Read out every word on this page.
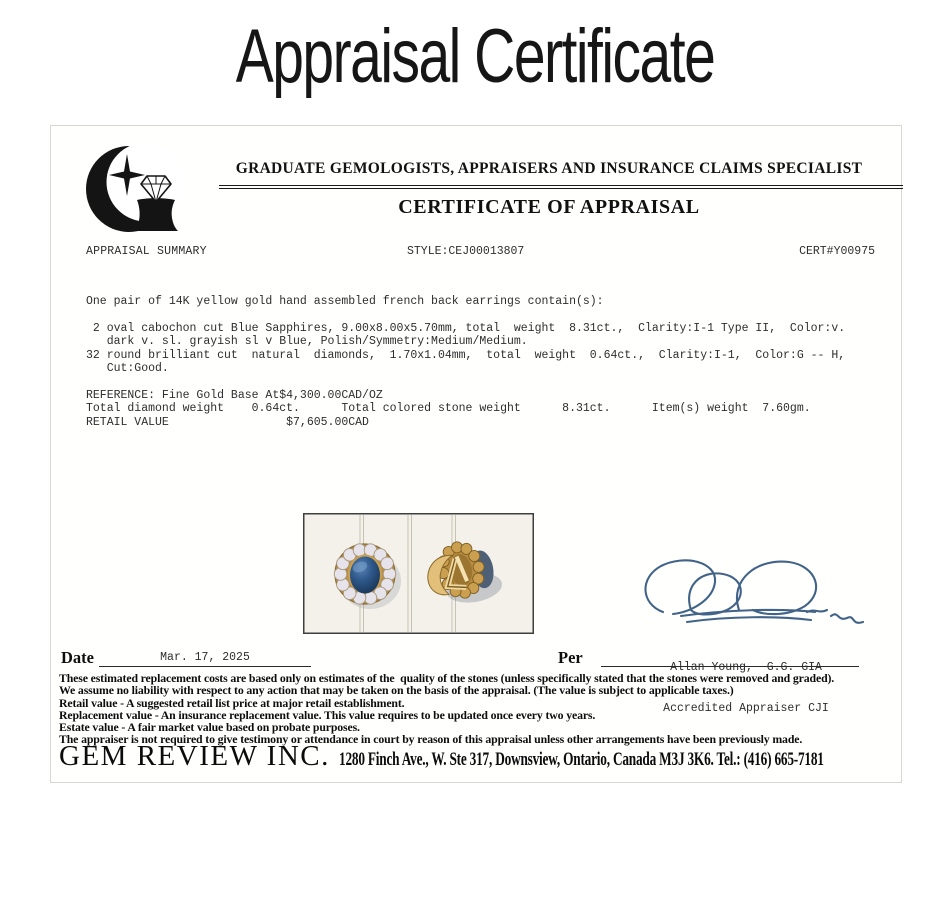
Appraisal Certificate
GRADUATE GEMOLOGISTS, APPRAISERS AND INSURANCE CLAIMS SPECIALIST
CERTIFICATE OF APPRAISAL
APPRAISAL SUMMARY	STYLE:CEJ00013807	CERT#Y00975
One pair of 14K yellow gold hand assembled french back earrings contain(s):
2 oval cabochon cut Blue Sapphires, 9.00x8.00x5.70mm, total  weight  8.31ct.,  Clarity:I-1 Type II,  Color:v.
dark v. sl. grayish sl v Blue, Polish/Symmetry:Medium/Medium.
32 round brilliant cut  natural  diamonds,  1.70x1.04mm,  total  weight  0.64ct.,  Clarity:I-1,  Color:G -- H,
Cut:Good.
REFERENCE: Fine Gold Base At$4,300.00CAD/OZ
Total diamond weight    0.64ct.      Total colored stone weight      8.31ct.      Item(s) weight  7.60gm.
RETAIL VALUE                 $7,605.00CAD

Allan Young,  G.G. GIA

Accredited Appraiser CJI

Date	Mar. 17, 2025	Per
These estimated replacement costs are based only on estimates of the  quality of the stones (unless specifically stated that the stones were removed and graded).
We assume no liability with respect to any action that may be taken on the basis of the appraisal. (The value is subject to applicable taxes.)
Retail value - A suggested retail list price at major retail establishment.
Replacement value - An insurance replacement value. This value requires to be updated once every two years.
Estate value - A fair market value based on probate purposes.
The appraiser is not required to give testimony or attendance in court by reason of this appraisal unless other arrangements have been previously made.
GEM REVIEW INC. 1280 Finch Ave., W. Ste 317, Downsview, Ontario, Canada M3J 3K6. Tel.: (416) 665-7181
